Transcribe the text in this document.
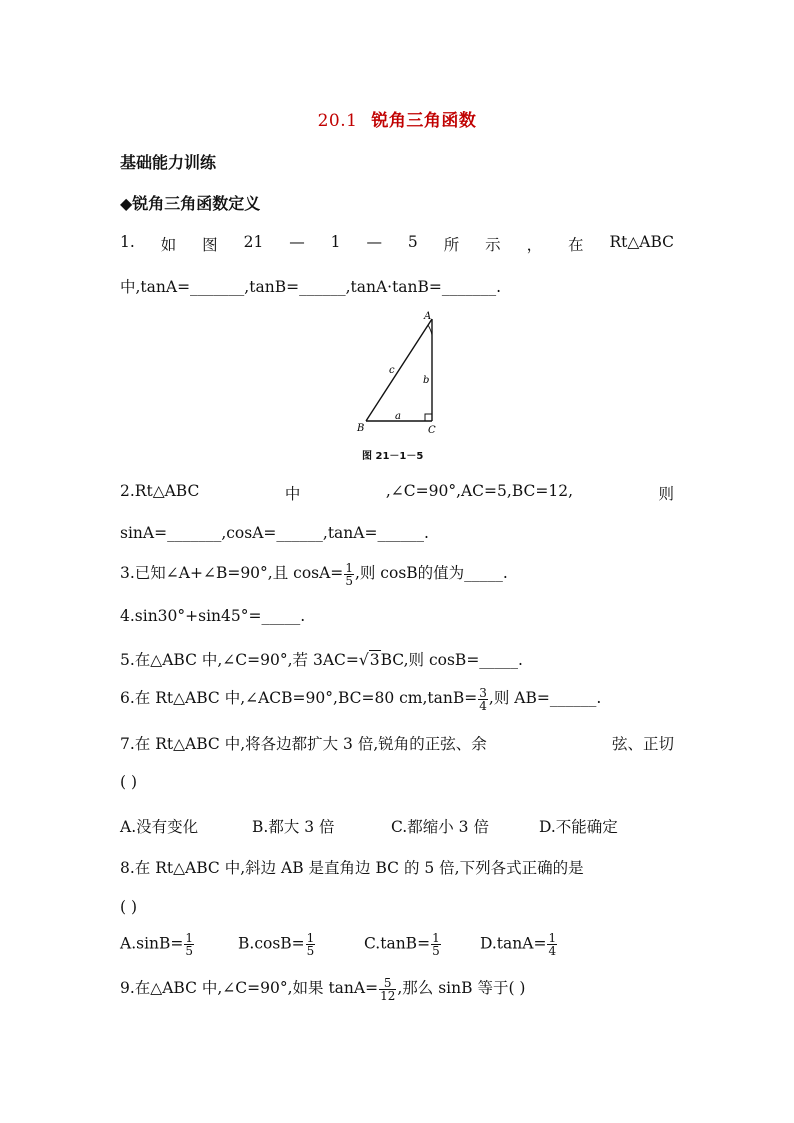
20.1 锐角三角函数
基础能力训练
◆锐角三角函数定义
1. 如 图 21 — 1 — 5 所 示 ， 在 Rt△ABC
中,tanA=_______,tanB=______,tanA·tanB=_______.
A
B	C
a
b
c
图 21－1－5
2.Rt△ABC	中	,∠C=90°,AC=5,BC=12,	则
sinA=_______,cosA=______,tanA=______.
3.已知∠A+∠B=90°,且 $\cos A= \frac{1}{5}$ ,则 cosB的值为_____.
4.sin30°+sin45°=_____.
5.在△ABC 中,∠C=90°,若 3AC=√3BC,则 cosB=_____.
6.在 Rt△ABC 中,∠ACB=90°,BC=80 $cm,\tan B= \frac{3}{4}$ ,则 AB=______.
7.在 Rt△ABC 中,将各边都扩大 3 倍,锐角的正弦、余	弦、正切
( )
A.没有变化	B.都大 3 倍	C.都缩小 3 倍	D.不能确定
8.在 Rt△ABC 中,斜边 AB 是直角边 BC 的 5 倍,下列各式正确的是
( )
$A.\sin B= \frac{1}{5}$	$B.\cos B= \frac{1}{5}$	$C.\tan B= \frac{1}{5}$	$D.\tan A= \frac{1}{4}$
9.在△ABC 中,∠C=90°,如果 $\tan A= \frac{5}{12}$ ,那么 sinB 等于( )
